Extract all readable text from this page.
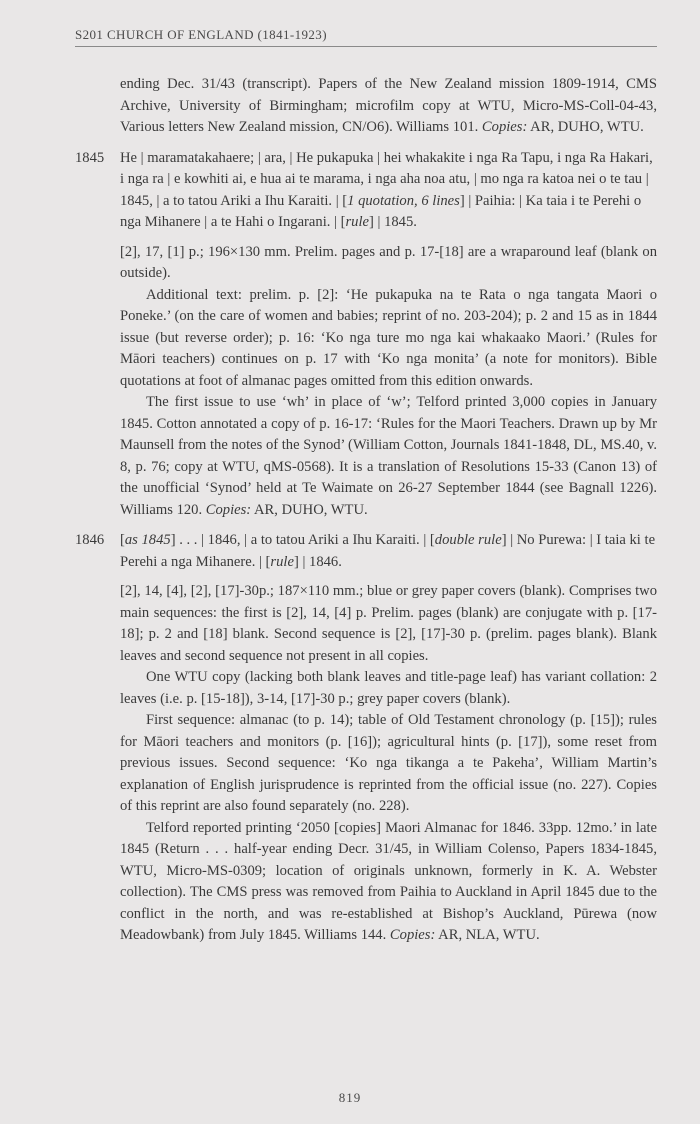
S201 CHURCH OF ENGLAND (1841-1923)

ending Dec. 31/43 (transcript). Papers of the New Zealand mission 1809-1914, CMS Archive, University of Birmingham; microfilm copy at WTU, Micro-MS-Coll-04-43, Various letters New Zealand mission, CN/O6). Williams 101. Copies: AR, DUHO, WTU.

1845 He | maramatakahaere; | ara, | He pukapuka | hei whakakite i nga Ra Tapu, i nga Ra Hakari, i nga ra | e kowhiti ai, e hua ai te marama, i nga aha noa atu, | mo nga ra katoa nei o te tau | 1845, | a to tatou Ariki a Ihu Karaiti. | [1 quotation, 6 lines] | Paihia: | Ka taia i te Perehi o nga Mihanere | a te Hahi o Ingarani. | [rule] | 1845.

[2], 17, [1] p.; 196×130 mm. Prelim. pages and p. 17-[18] are a wraparound leaf (blank on outside).

Additional text: prelim. p. [2]: ‘He pukapuka na te Rata o nga tangata Maori o Poneke.’ (on the care of women and babies; reprint of no. 203-204); p. 2 and 15 as in 1844 issue (but reverse order); p. 16: ‘Ko nga ture mo nga kai whakaako Maori.’ (Rules for Māori teachers) continues on p. 17 with ‘Ko nga monita’ (a note for monitors). Bible quotations at foot of almanac pages omitted from this edition onwards.

The first issue to use ‘wh’ in place of ‘w’; Telford printed 3,000 copies in January 1845. Cotton annotated a copy of p. 16-17: ‘Rules for the Maori Teachers. Drawn up by Mr Maunsell from the notes of the Synod’ (William Cotton, Journals 1841-1848, DL, MS.40, v. 8, p. 76; copy at WTU, qMS-0568). It is a translation of Resolutions 15-33 (Canon 13) of the unofficial ‘Synod’ held at Te Waimate on 26-27 September 1844 (see Bagnall 1226). Williams 120. Copies: AR, DUHO, WTU.

1846 [as 1845] . . . | 1846, | a to tatou Ariki a Ihu Karaiti. | [double rule] | No Purewa: | I taia ki te Perehi a nga Mihanere. | [rule] | 1846.

[2], 14, [4], [2], [17]-30p.; 187×110 mm.; blue or grey paper covers (blank). Comprises two main sequences: the first is [2], 14, [4] p. Prelim. pages (blank) are conjugate with p. [17-18]; p. 2 and [18] blank. Second sequence is [2], [17]-30 p. (prelim. pages blank). Blank leaves and second sequence not present in all copies.

One WTU copy (lacking both blank leaves and title-page leaf) has variant collation: 2 leaves (i.e. p. [15-18]), 3-14, [17]-30 p.; grey paper covers (blank).

First sequence: almanac (to p. 14); table of Old Testament chronology (p. [15]); rules for Māori teachers and monitors (p. [16]); agricultural hints (p. [17]), some reset from previous issues. Second sequence: ‘Ko nga tikanga a te Pakeha’, William Martin’s explanation of English jurisprudence is reprinted from the official issue (no. 227). Copies of this reprint are also found separately (no. 228).

Telford reported printing ‘2050 [copies] Maori Almanac for 1846. 33pp. 12mo.’ in late 1845 (Return . . . half-year ending Decr. 31/45, in William Colenso, Papers 1834-1845, WTU, Micro-MS-0309; location of originals unknown, formerly in K. A. Webster collection). The CMS press was removed from Paihia to Auckland in April 1845 due to the conflict in the north, and was re-established at Bishop’s Auckland, Pūrewa (now Meadowbank) from July 1845. Williams 144. Copies: AR, NLA, WTU.

819
